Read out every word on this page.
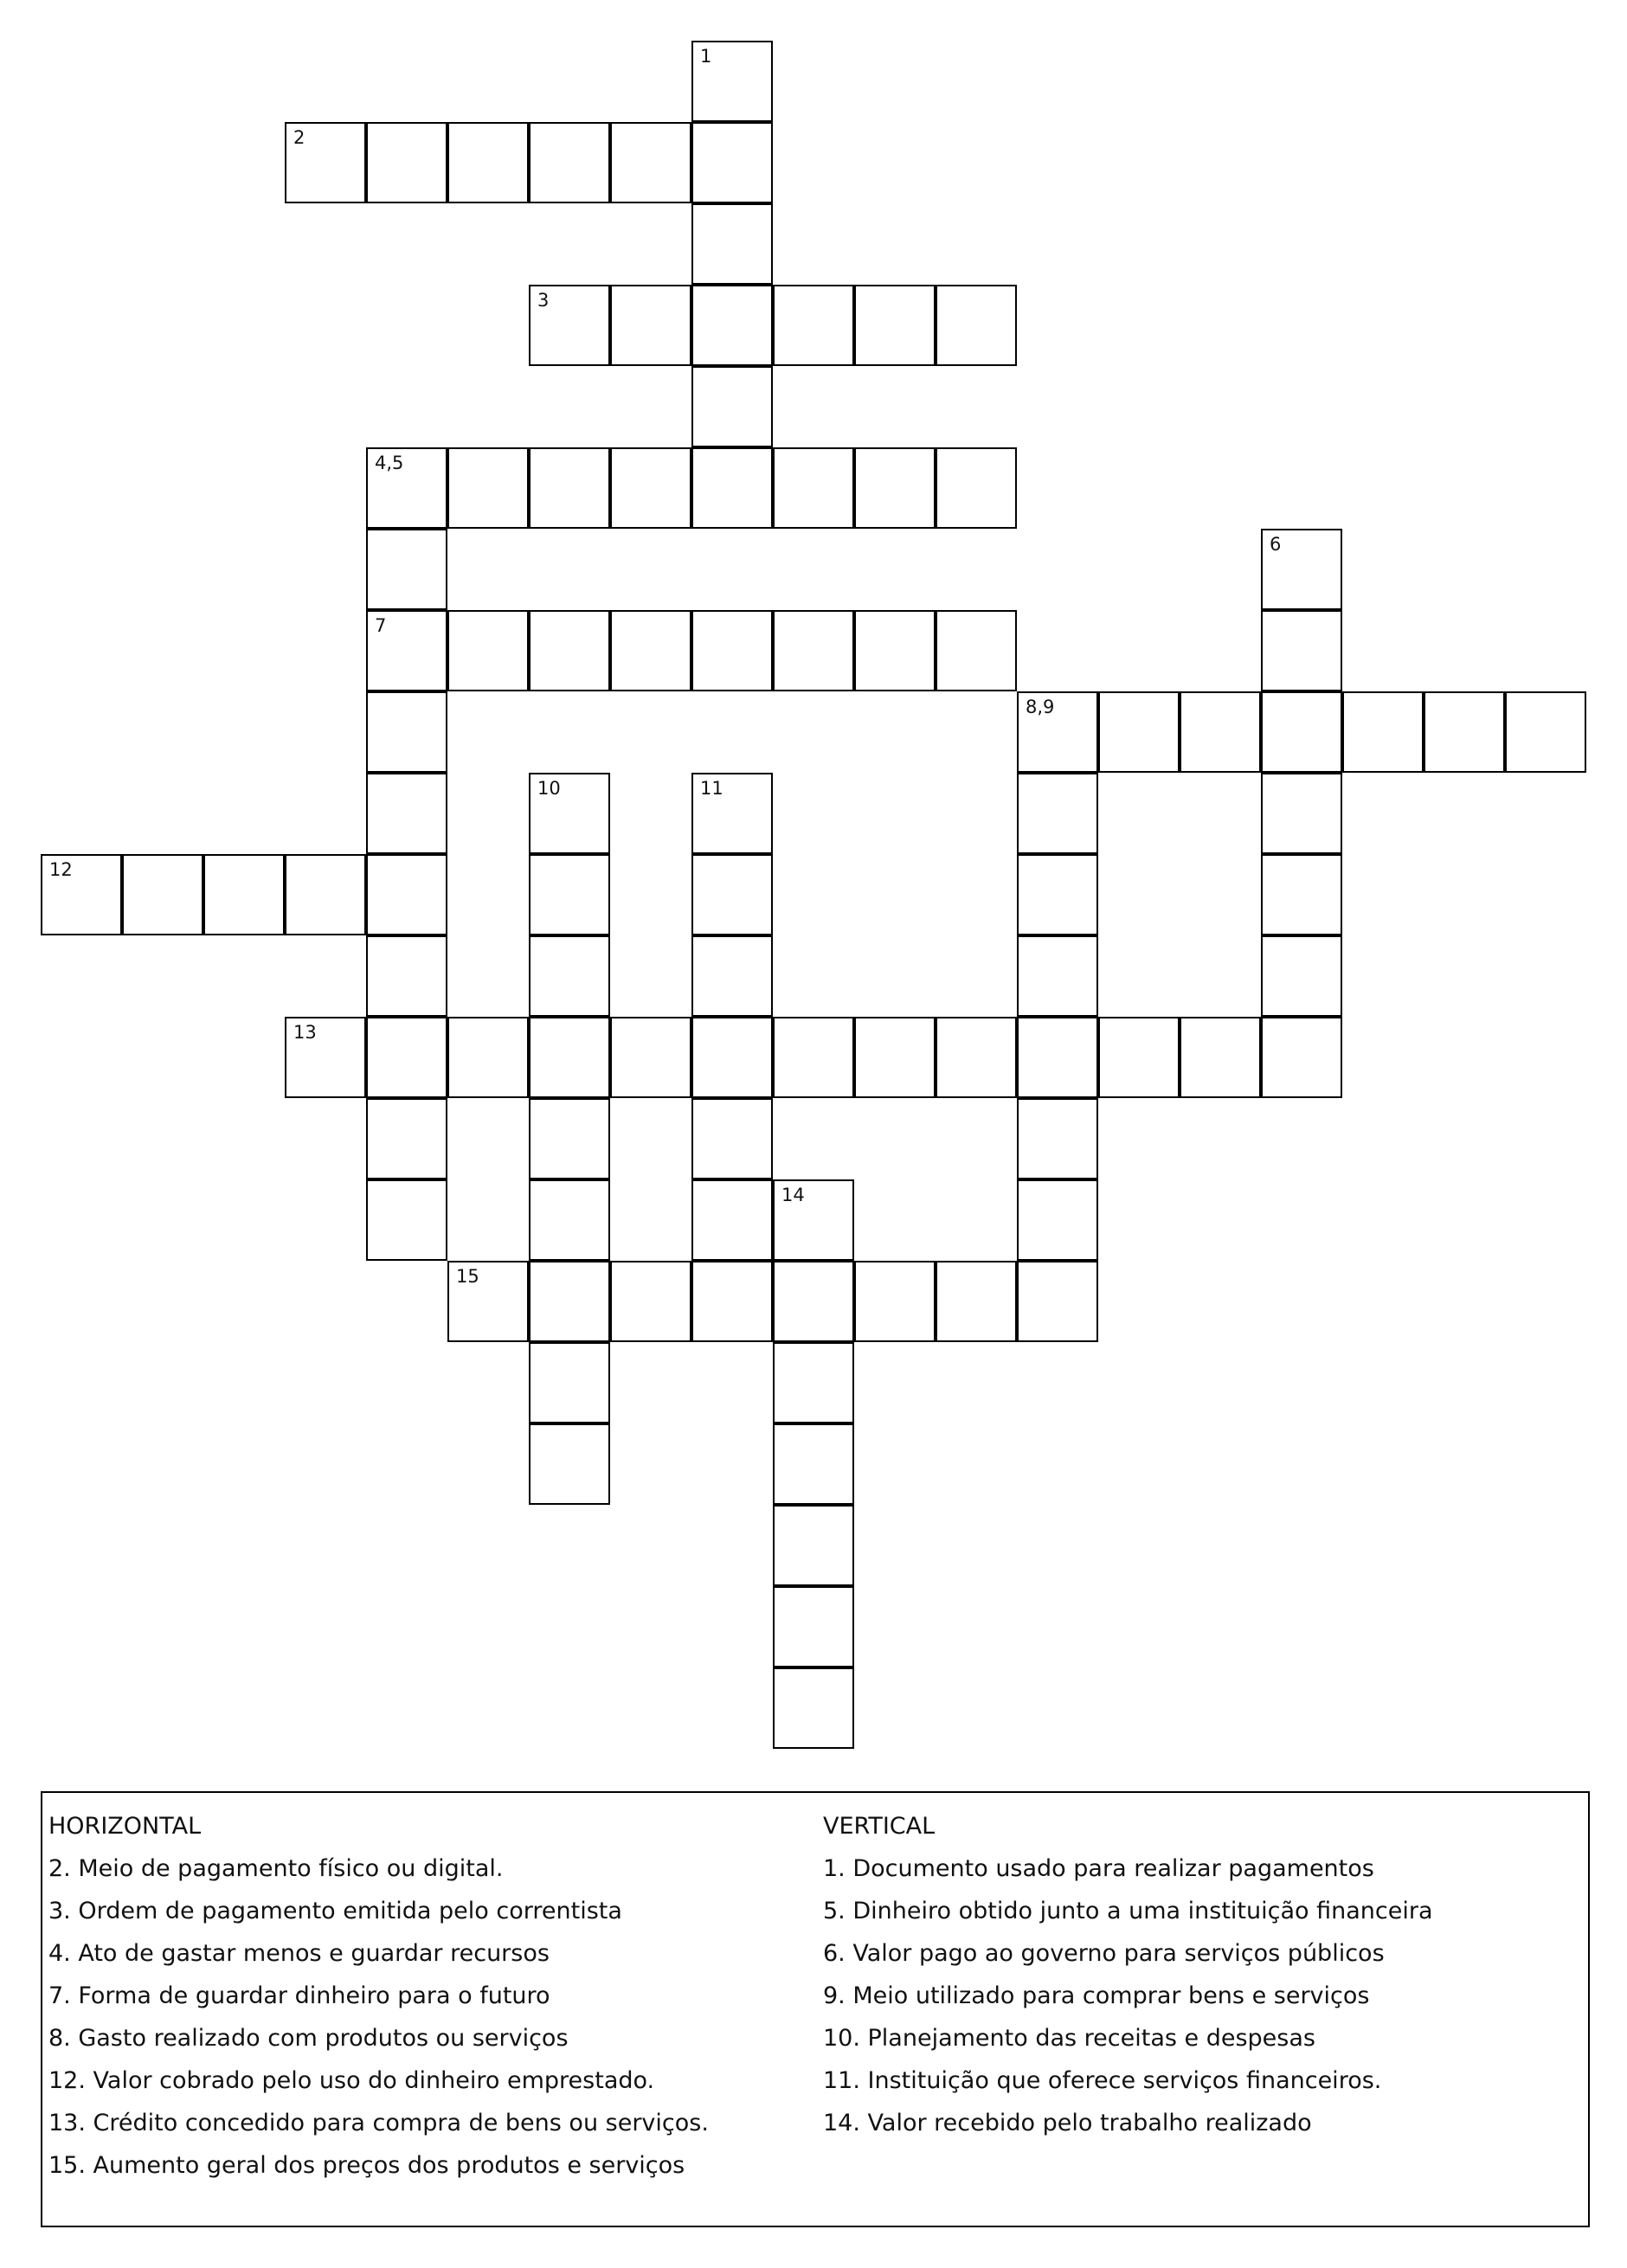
1
2
3
4,5
7
6
8,9
10	11
12
13
14
15
HORIZONTAL
2. Meio de pagamento físico ou digital.
3. Ordem de pagamento emitida pelo correntista
4. Ato de gastar menos e guardar recursos
7. Forma de guardar dinheiro para o futuro
8. Gasto realizado com produtos ou serviços
12. Valor cobrado pelo uso do dinheiro emprestado.
13. Crédito concedido para compra de bens ou serviços.
15. Aumento geral dos preços dos produtos e serviços
VERTICAL
1. Documento usado para realizar pagamentos
5. Dinheiro obtido junto a uma instituição financeira
6. Valor pago ao governo para serviços públicos
9. Meio utilizado para comprar bens e serviços
10. Planejamento das receitas e despesas
11. Instituição que oferece serviços financeiros.
14. Valor recebido pelo trabalho realizado
